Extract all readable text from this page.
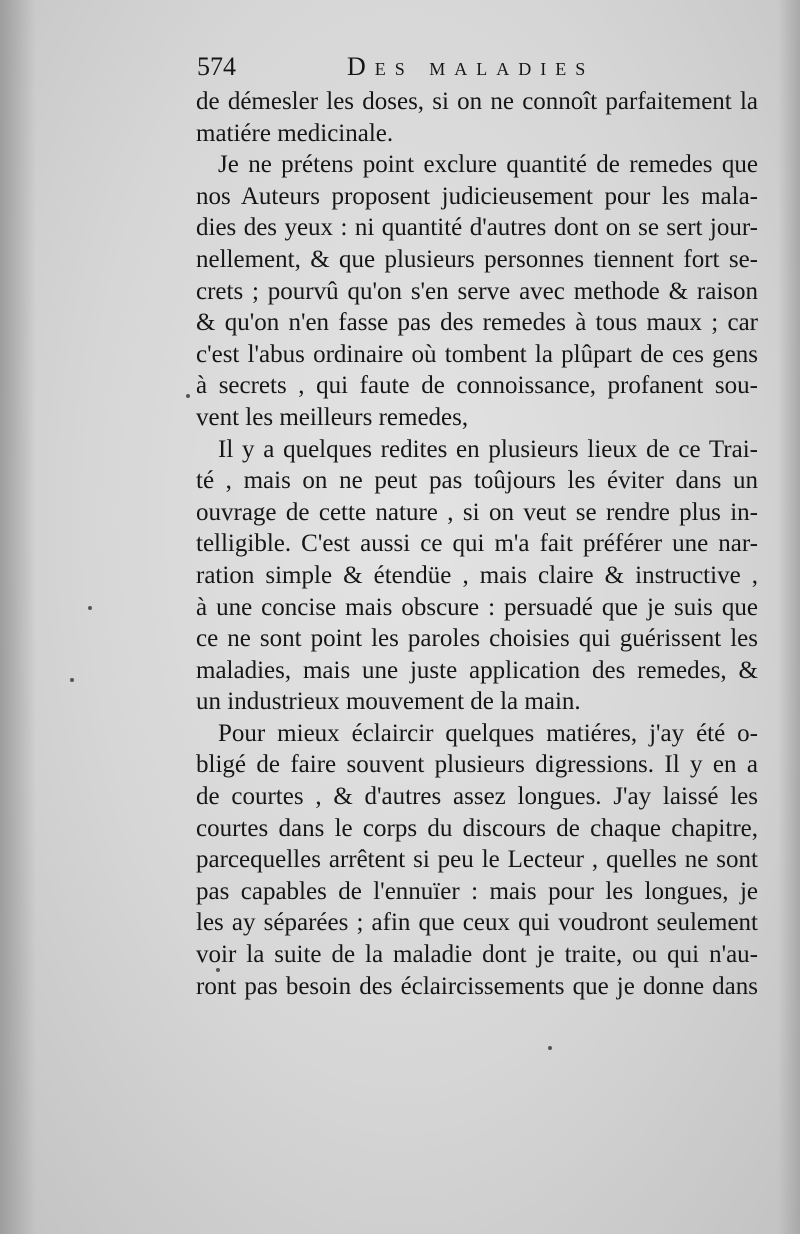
574	Des maladies
de démesler les doses, si on ne connoît parfaitement la
matiére medicinale.
Je ne prétens point exclure quantité de remedes que
nos Auteurs proposent judicieusement pour les mala-
dies des yeux : ni quantité d'autres dont on se sert jour-
nellement, & que plusieurs personnes tiennent fort se-
crets ; pourvû qu'on s'en serve avec methode & raison
& qu'on n'en fasse pas des remedes à tous maux ; car
c'est l'abus ordinaire où tombent la plûpart de ces gens
à secrets , qui faute de connoissance, profanent sou-
vent les meilleurs remedes,
Il y a quelques redites en plusieurs lieux de ce Trai-
té , mais on ne peut pas toûjours les éviter dans un
ouvrage de cette nature , si on veut se rendre plus in-
telligible. C'est aussi ce qui m'a fait préférer une nar-
ration simple & étendüe , mais claire & instructive ,
à une concise mais obscure : persuadé que je suis que
ce ne sont point les paroles choisies qui guérissent les
maladies, mais une juste application des remedes, &
un industrieux mouvement de la main.
Pour mieux éclaircir quelques matiéres, j'ay été o-
bligé de faire souvent plusieurs digressions. Il y en a
de courtes , & d'autres assez longues. J'ay laissé les
courtes dans le corps du discours de chaque chapitre,
parcequelles arrêtent si peu le Lecteur , quelles ne sont
pas capables de l'ennuïer : mais pour les longues, je
les ay séparées ; afin que ceux qui voudront seulement
voir la suite de la maladie dont je traite, ou qui n'au-
ront pas besoin des éclaircissements que je donne dans
